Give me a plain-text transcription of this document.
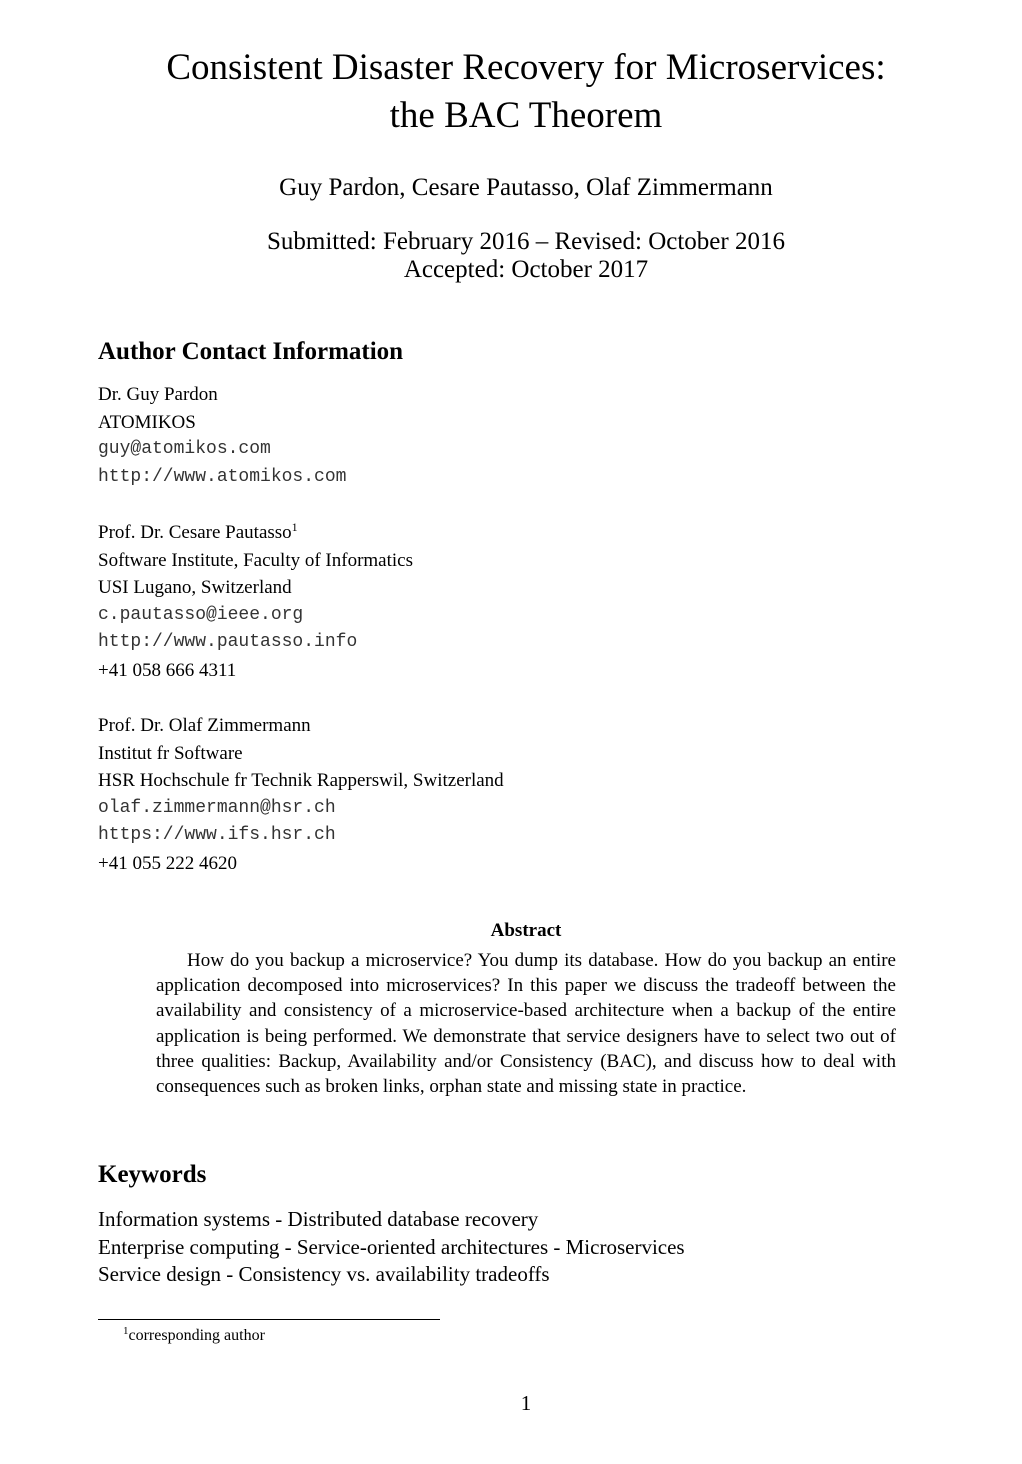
Consistent Disaster Recovery for Microservices:
the BAC Theorem
Guy Pardon, Cesare Pautasso, Olaf Zimmermann
Submitted: February 2016 – Revised: October 2016
Accepted: October 2017
Author Contact Information
Dr. Guy Pardon
ATOMIKOS
guy@atomikos.com
http://www.atomikos.com
Prof. Dr. Cesare Pautasso$^1$
Software Institute, Faculty of Informatics
USI Lugano, Switzerland
c.pautasso@ieee.org
http://www.pautasso.info
+41 058 666 4311
Prof. Dr. Olaf Zimmermann
Institut fr Software
HSR Hochschule fr Technik Rapperswil, Switzerland
olaf.zimmermann@hsr.ch
https://www.ifs.hsr.ch
+41 055 222 4620
Abstract

How do you backup a microservice? You dump its database. How do you backup an entire application decomposed into microservices? In this paper we discuss the tradeoff between the availability and consistency of a microservice-based architecture when a backup of the entire application is being performed. We demonstrate that service designers have to select two out of three qualities: Backup, Availability and/or Consistency (BAC), and discuss how to deal with consequences such as broken links, orphan state and missing state in practice.

Keywords
Information systems - Distributed database recovery
Enterprise computing - Service-oriented architectures - Microservices
Service design - Consistency vs. availability tradeoffs
$^1$corresponding author
1
